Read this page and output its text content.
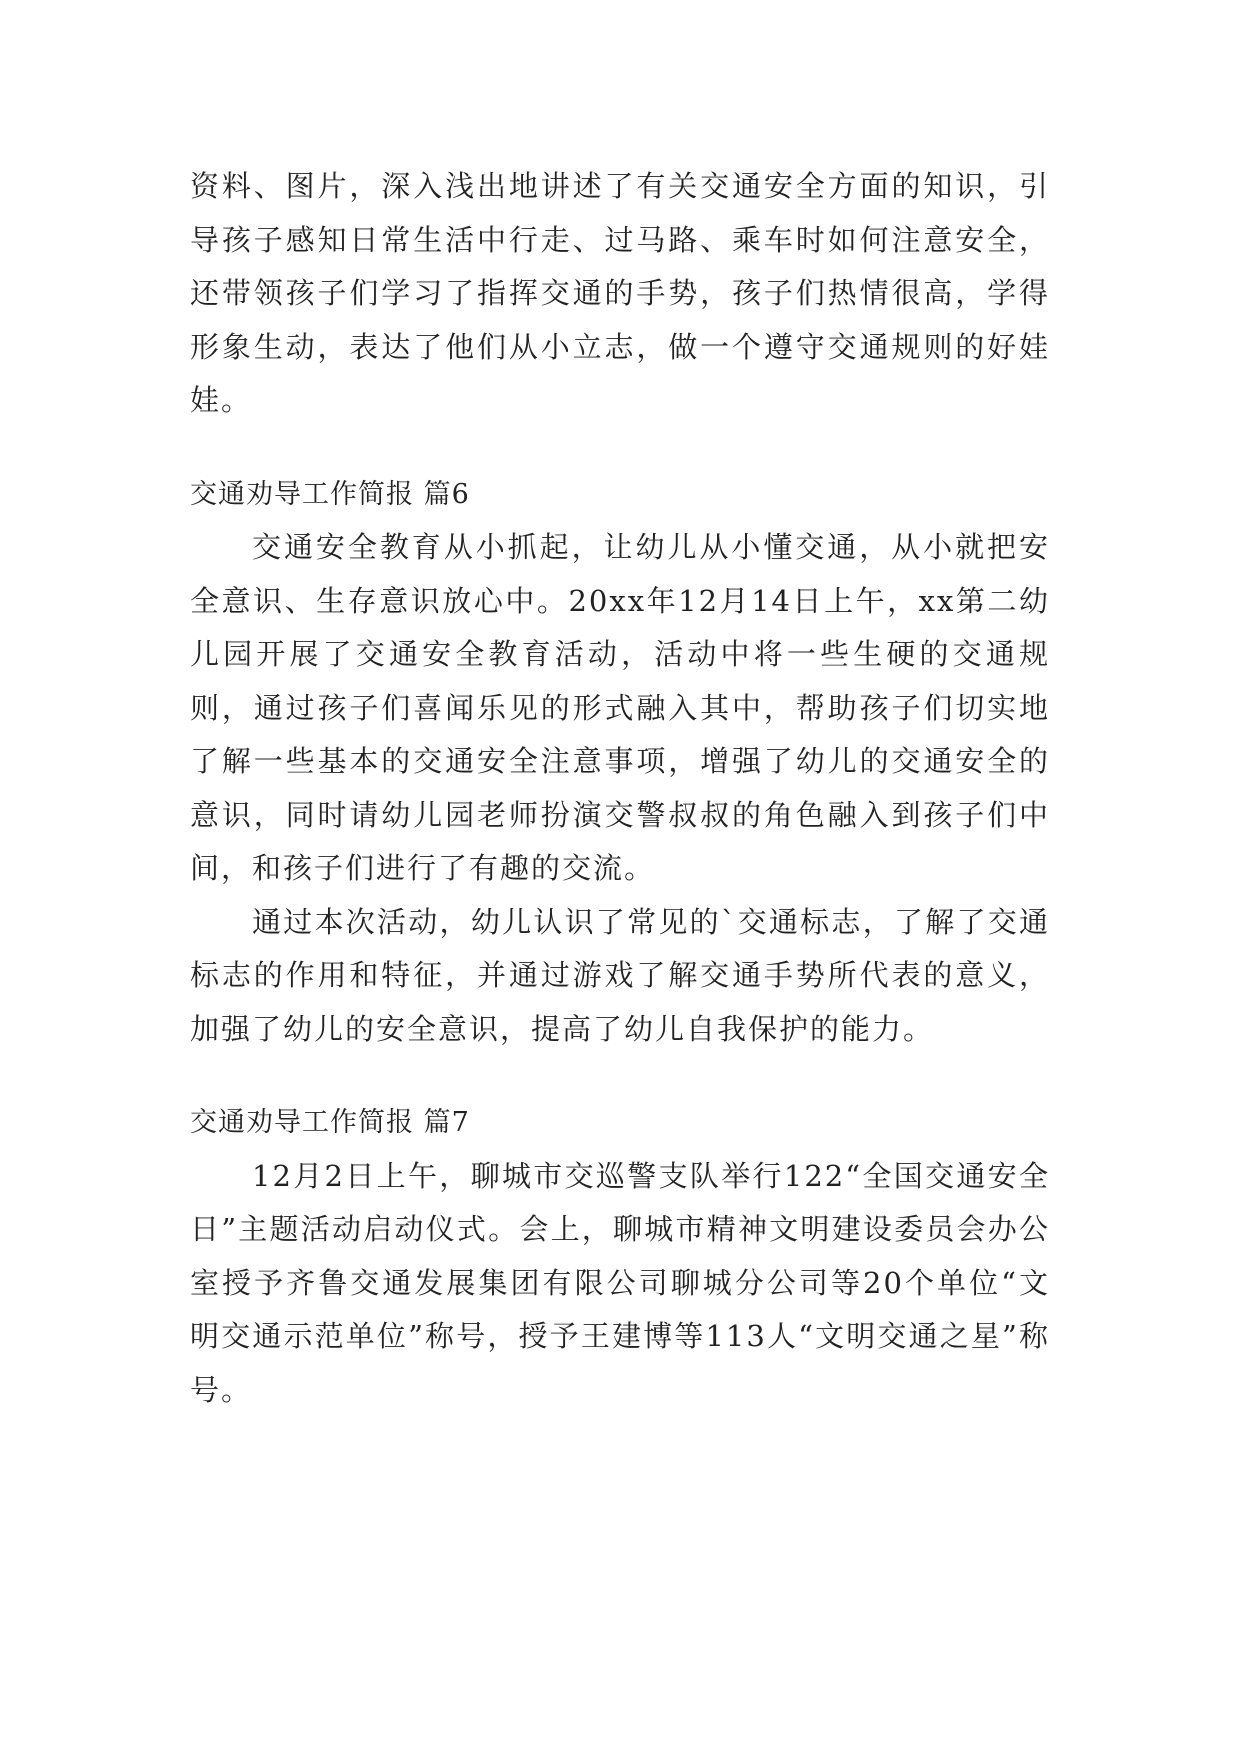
资料、图片，深入浅出地讲述了有关交通安全方面的知识，引导孩子感知日常生活中行走、过马路、乘车时如何注意安全，还带领孩子们学习了指挥交通的手势，孩子们热情很高，学得形象生动，表达了他们从小立志，做一个遵守交通规则的好娃娃。

交通劝导工作简报 篇6

交通安全教育从小抓起，让幼儿从小懂交通，从小就把安全意识、生存意识放心中。20xx年12月14日上午，xx第二幼儿园开展了交通安全教育活动，活动中将一些生硬的交通规则，通过孩子们喜闻乐见的形式融入其中，帮助孩子们切实地了解一些基本的交通安全注意事项，增强了幼儿的交通安全的意识，同时请幼儿园老师扮演交警叔叔的角色融入到孩子们中间，和孩子们进行了有趣的交流。

通过本次活动，幼儿认识了常见的`交通标志，了解了交通标志的作用和特征，并通过游戏了解交通手势所代表的意义，加强了幼儿的安全意识，提高了幼儿自我保护的能力。

交通劝导工作简报 篇7

12月2日上午，聊城市交巡警支队举行122“全国交通安全日”主题活动启动仪式。会上，聊城市精神文明建设委员会办公室授予齐鲁交通发展集团有限公司聊城分公司等20个单位“文明交通示范单位”称号，授予王建博等113人“文明交通之星”称号。
